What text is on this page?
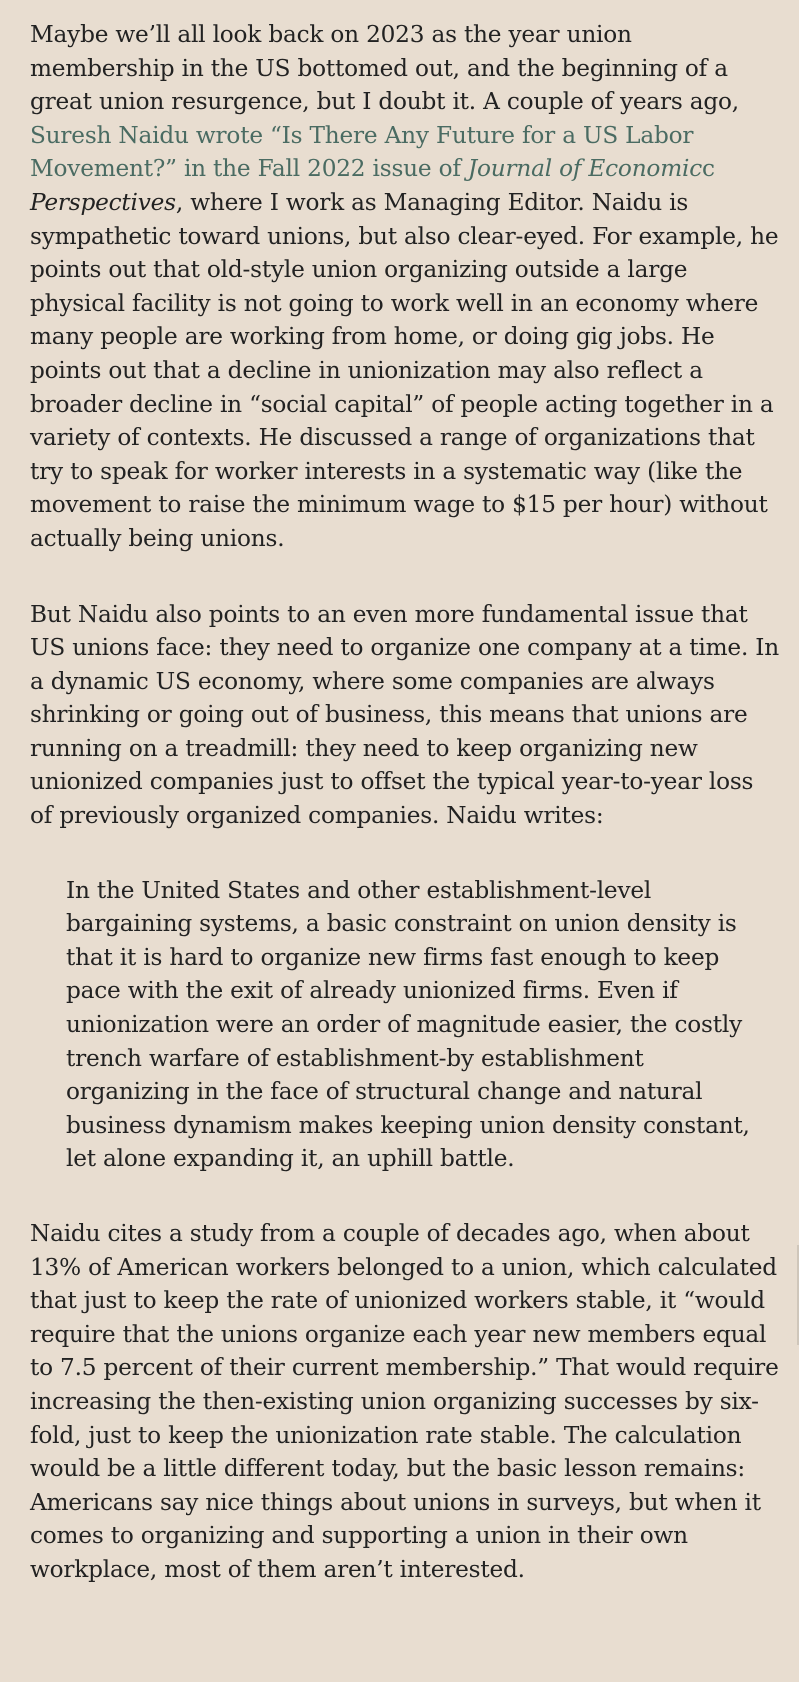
Maybe we’ll all look back on 2023 as the year union membership in the US bottomed out, and the beginning of a great union resurgence, but I doubt it. A couple of years ago, Suresh Naidu wrote “Is There Any Future for a US Labor Movement?” in the Fall 2022 issue of Journal of Economicc
Perspectives, where I work as Managing Editor. Naidu is sympathetic toward unions, but also clear-eyed. For example, he points out that old-style union organizing outside a large physical facility is not going to work well in an economy where many people are working from home, or doing gig jobs. He points out that a decline in unionization may also reflect a broader decline in “social capital” of people acting together in a variety of contexts. He discussed a range of organizations that try to speak for worker interests in a systematic way (like the movement to raise the minimum wage to $15 per hour) without actually being unions.

But Naidu also points to an even more fundamental issue that US unions face: they need to organize one company at a time. In a dynamic US economy, where some companies are always shrinking or going out of business, this means that unions are running on a treadmill: they need to keep organizing new unionized companies just to offset the typical year-to-year loss of previously organized companies. Naidu writes:

In the United States and other establishment-level bargaining systems, a basic constraint on union density is that it is hard to organize new firms fast enough to keep pace with the exit of already unionized firms. Even if unionization were an order of magnitude easier, the costly trench warfare of establishment-by establishment organizing in the face of structural change and natural business dynamism makes keeping union density constant, let alone expanding it, an uphill battle.

Naidu cites a study from a couple of decades ago, when about 13% of American workers belonged to a union, which calculated that just to keep the rate of unionized workers stable, it “would require that the unions organize each year new members equal to 7.5 percent of their current membership.” That would require increasing the then-existing union organizing successes by six-fold, just to keep the unionization rate stable. The calculation would be a little different today, but the basic lesson remains: Americans say nice things about unions in surveys, but when it comes to organizing and supporting a union in their own workplace, most of them aren’t interested.
